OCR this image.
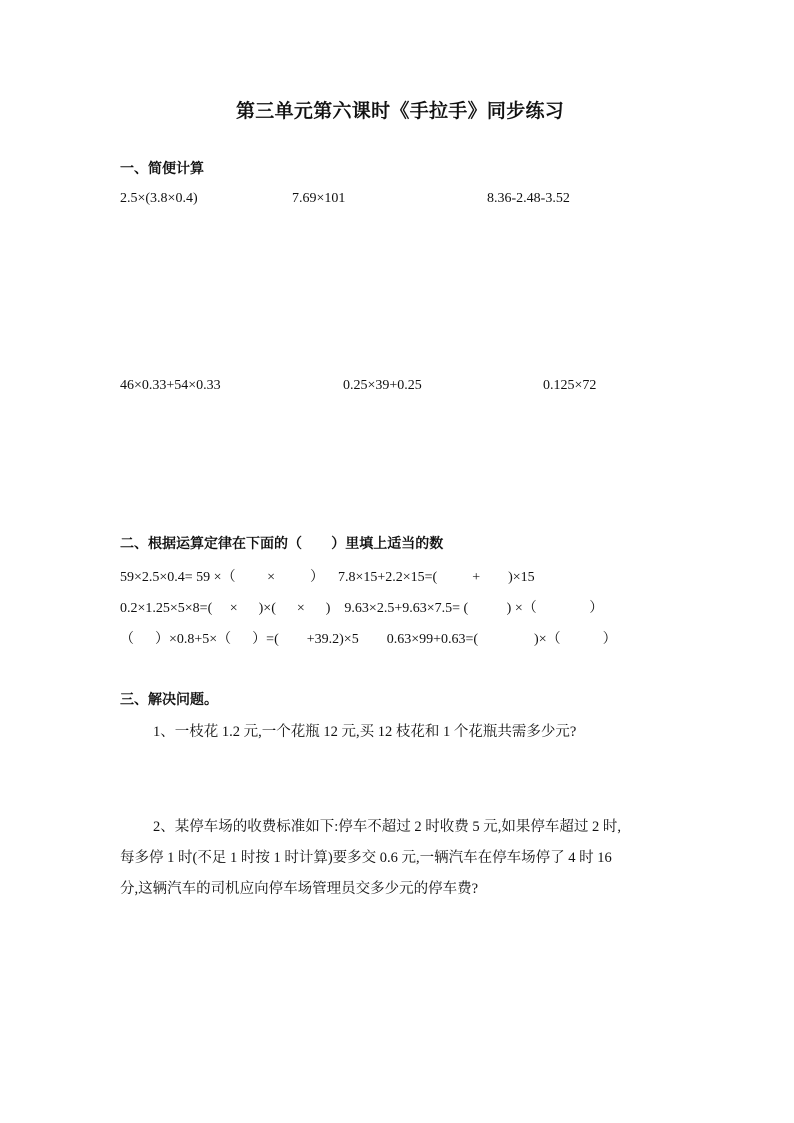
第三单元第六课时《手拉手》同步练习
一、简便计算
2.5×(3.8×0.4)	7.69×101	8.36-2.48-3.52
46×0.33+54×0.33	0.25×39+0.25	0.125×72
二、根据运算定律在下面的（      ）里填上适当的数
59×2.5×0.4= 59 ×（         ×          ）    7.8×15+2.2×15=(          +        )×15
0.2×1.25×5×8=(     ×      )×(      ×      )    9.63×2.5+9.63×7.5= (           ) ×（               ）
（      ）×0.8+5×（      ）=(        +39.2)×5        0.63×99+0.63=(                )×（            ）
三、解决问题。
1、一枝花 1.2 元,一个花瓶 12 元,买 12 枝花和 1 个花瓶共需多少元?
2、某停车场的收费标准如下:停车不超过 2 时收费 5 元,如果停车超过 2 时,
每多停 1 时(不足 1 时按 1 时计算)要多交 0.6 元,一辆汽车在停车场停了 4 时 16
分,这辆汽车的司机应向停车场管理员交多少元的停车费?
